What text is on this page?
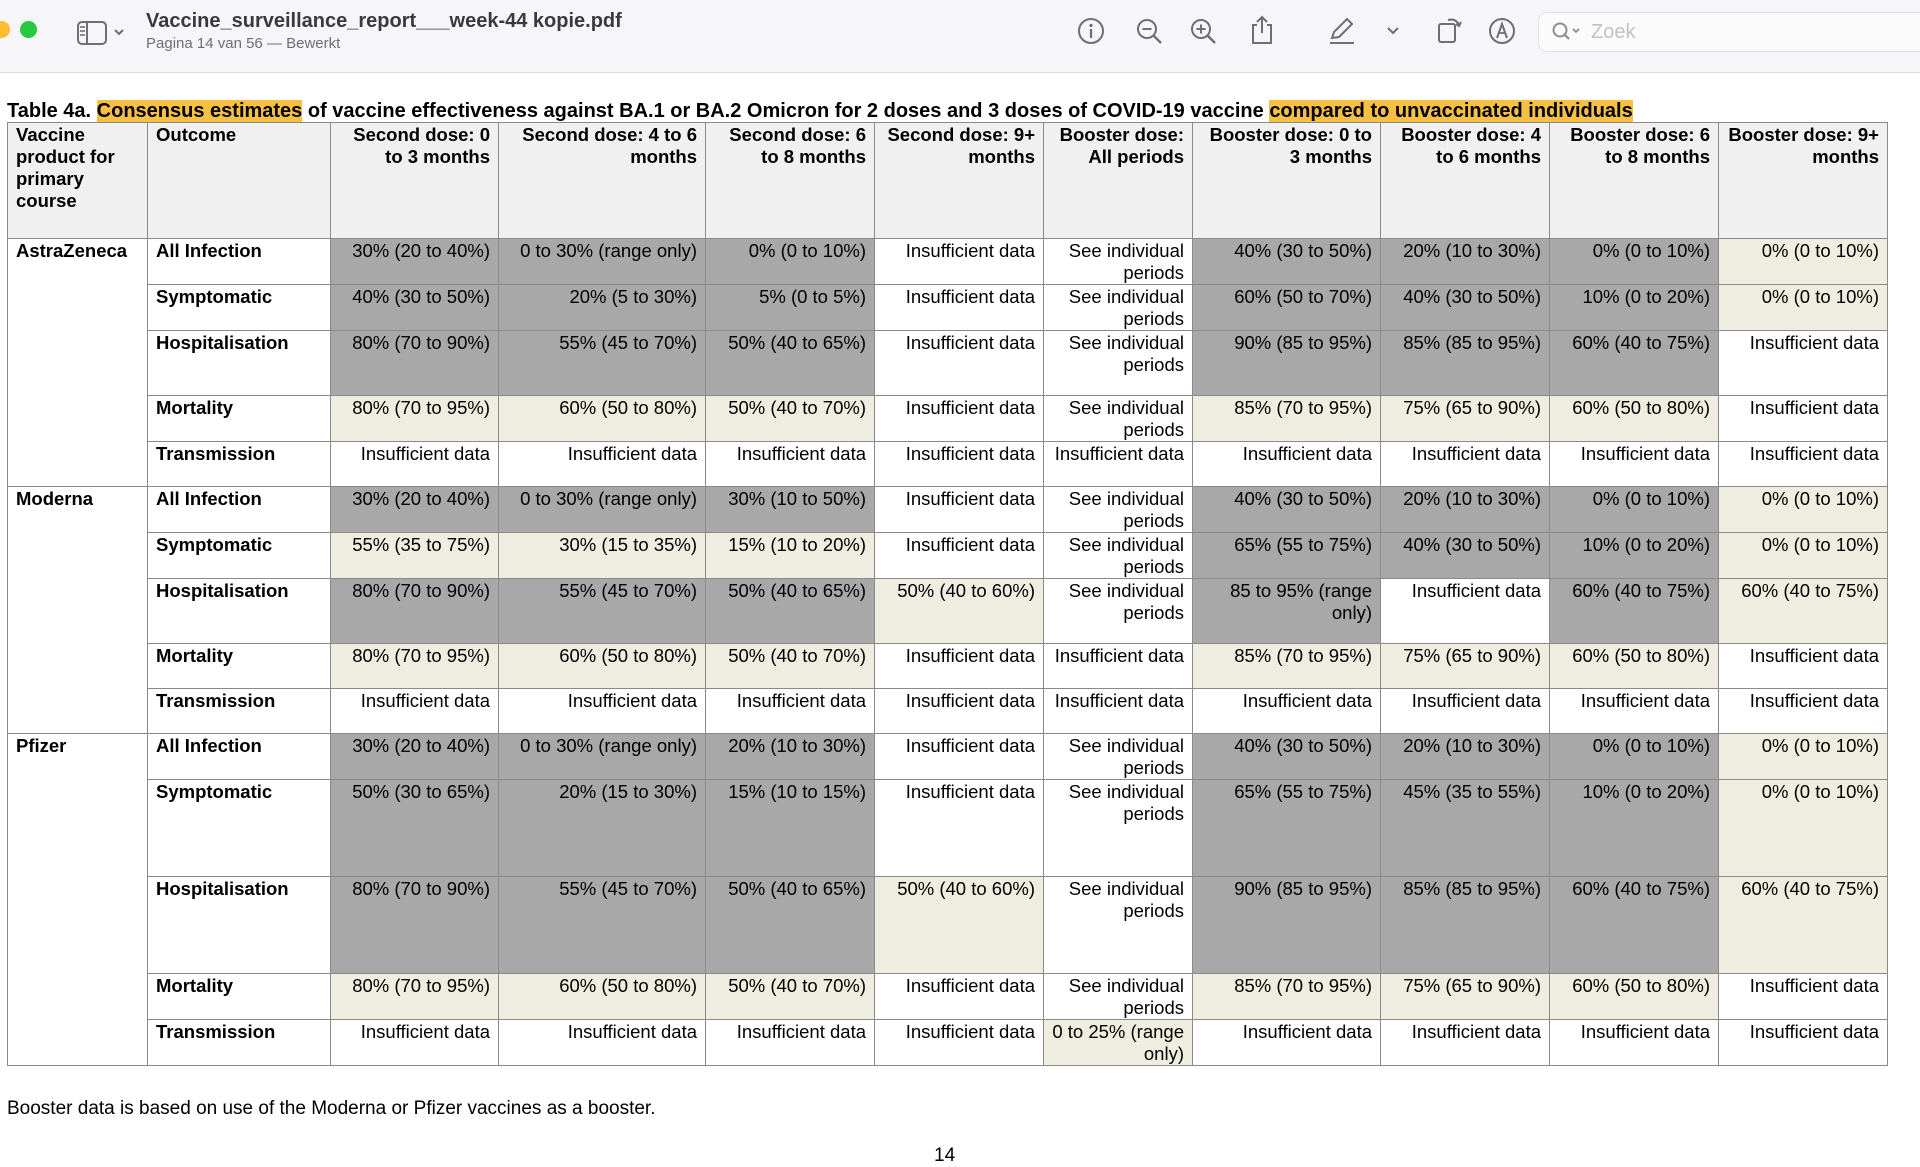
Vaccine_surveillance_report___week-44 kopie.pdf
Pagina 14 van 56 — Bewerkt
Zoek
Table 4a. Consensus estimates of vaccine effectiveness against BA.1 or BA.2 Omicron for 2 doses and 3 doses of COVID-19 vaccine compared to unvaccinated individuals
Vaccine product for primary course	Outcome	Second dose: 0 to 3 months	Second dose: 4 to 6 months	Second dose: 6 to 8 months	Second dose: 9+ months	Booster dose: All periods	Booster dose: 0 to 3 months	Booster dose: 4 to 6 months	Booster dose: 6 to 8 months	Booster dose: 9+ months
AstraZeneca	All Infection	30% (20 to 40%)	0 to 30% (range only)	0% (0 to 10%)	Insufficient data	See individual periods	40% (30 to 50%)	20% (10 to 30%)	0% (0 to 10%)	0% (0 to 10%)
	Symptomatic	40% (30 to 50%)	20% (5 to 30%)	5% (0 to 5%)	Insufficient data	See individual periods	60% (50 to 70%)	40% (30 to 50%)	10% (0 to 20%)	0% (0 to 10%)
	Hospitalisation	80% (70 to 90%)	55% (45 to 70%)	50% (40 to 65%)	Insufficient data	See individual periods	90% (85 to 95%)	85% (85 to 95%)	60% (40 to 75%)	Insufficient data
	Mortality	80% (70 to 95%)	60% (50 to 80%)	50% (40 to 70%)	Insufficient data	See individual periods	85% (70 to 95%)	75% (65 to 90%)	60% (50 to 80%)	Insufficient data
	Transmission	Insufficient data	Insufficient data	Insufficient data	Insufficient data	Insufficient data	Insufficient data	Insufficient data	Insufficient data	Insufficient data
Moderna	All Infection	30% (20 to 40%)	0 to 30% (range only)	30% (10 to 50%)	Insufficient data	See individual periods	40% (30 to 50%)	20% (10 to 30%)	0% (0 to 10%)	0% (0 to 10%)
	Symptomatic	55% (35 to 75%)	30% (15 to 35%)	15% (10 to 20%)	Insufficient data	See individual periods	65% (55 to 75%)	40% (30 to 50%)	10% (0 to 20%)	0% (0 to 10%)
	Hospitalisation	80% (70 to 90%)	55% (45 to 70%)	50% (40 to 65%)	50% (40 to 60%)	See individual periods	85 to 95% (range only)	Insufficient data	60% (40 to 75%)	60% (40 to 75%)
	Mortality	80% (70 to 95%)	60% (50 to 80%)	50% (40 to 70%)	Insufficient data	Insufficient data	85% (70 to 95%)	75% (65 to 90%)	60% (50 to 80%)	Insufficient data
	Transmission	Insufficient data	Insufficient data	Insufficient data	Insufficient data	Insufficient data	Insufficient data	Insufficient data	Insufficient data	Insufficient data
Pfizer	All Infection	30% (20 to 40%)	0 to 30% (range only)	20% (10 to 30%)	Insufficient data	See individual periods	40% (30 to 50%)	20% (10 to 30%)	0% (0 to 10%)	0% (0 to 10%)
	Symptomatic	50% (30 to 65%)	20% (15 to 30%)	15% (10 to 15%)	Insufficient data	See individual periods	65% (55 to 75%)	45% (35 to 55%)	10% (0 to 20%)	0% (0 to 10%)
	Hospitalisation	80% (70 to 90%)	55% (45 to 70%)	50% (40 to 65%)	50% (40 to 60%)	See individual periods	90% (85 to 95%)	85% (85 to 95%)	60% (40 to 75%)	60% (40 to 75%)
	Mortality	80% (70 to 95%)	60% (50 to 80%)	50% (40 to 70%)	Insufficient data	See individual periods	85% (70 to 95%)	75% (65 to 90%)	60% (50 to 80%)	Insufficient data
	Transmission	Insufficient data	Insufficient data	Insufficient data	Insufficient data	0 to 25% (range only)	Insufficient data	Insufficient data	Insufficient data	Insufficient data
Booster data is based on use of the Moderna or Pfizer vaccines as a booster.
14
